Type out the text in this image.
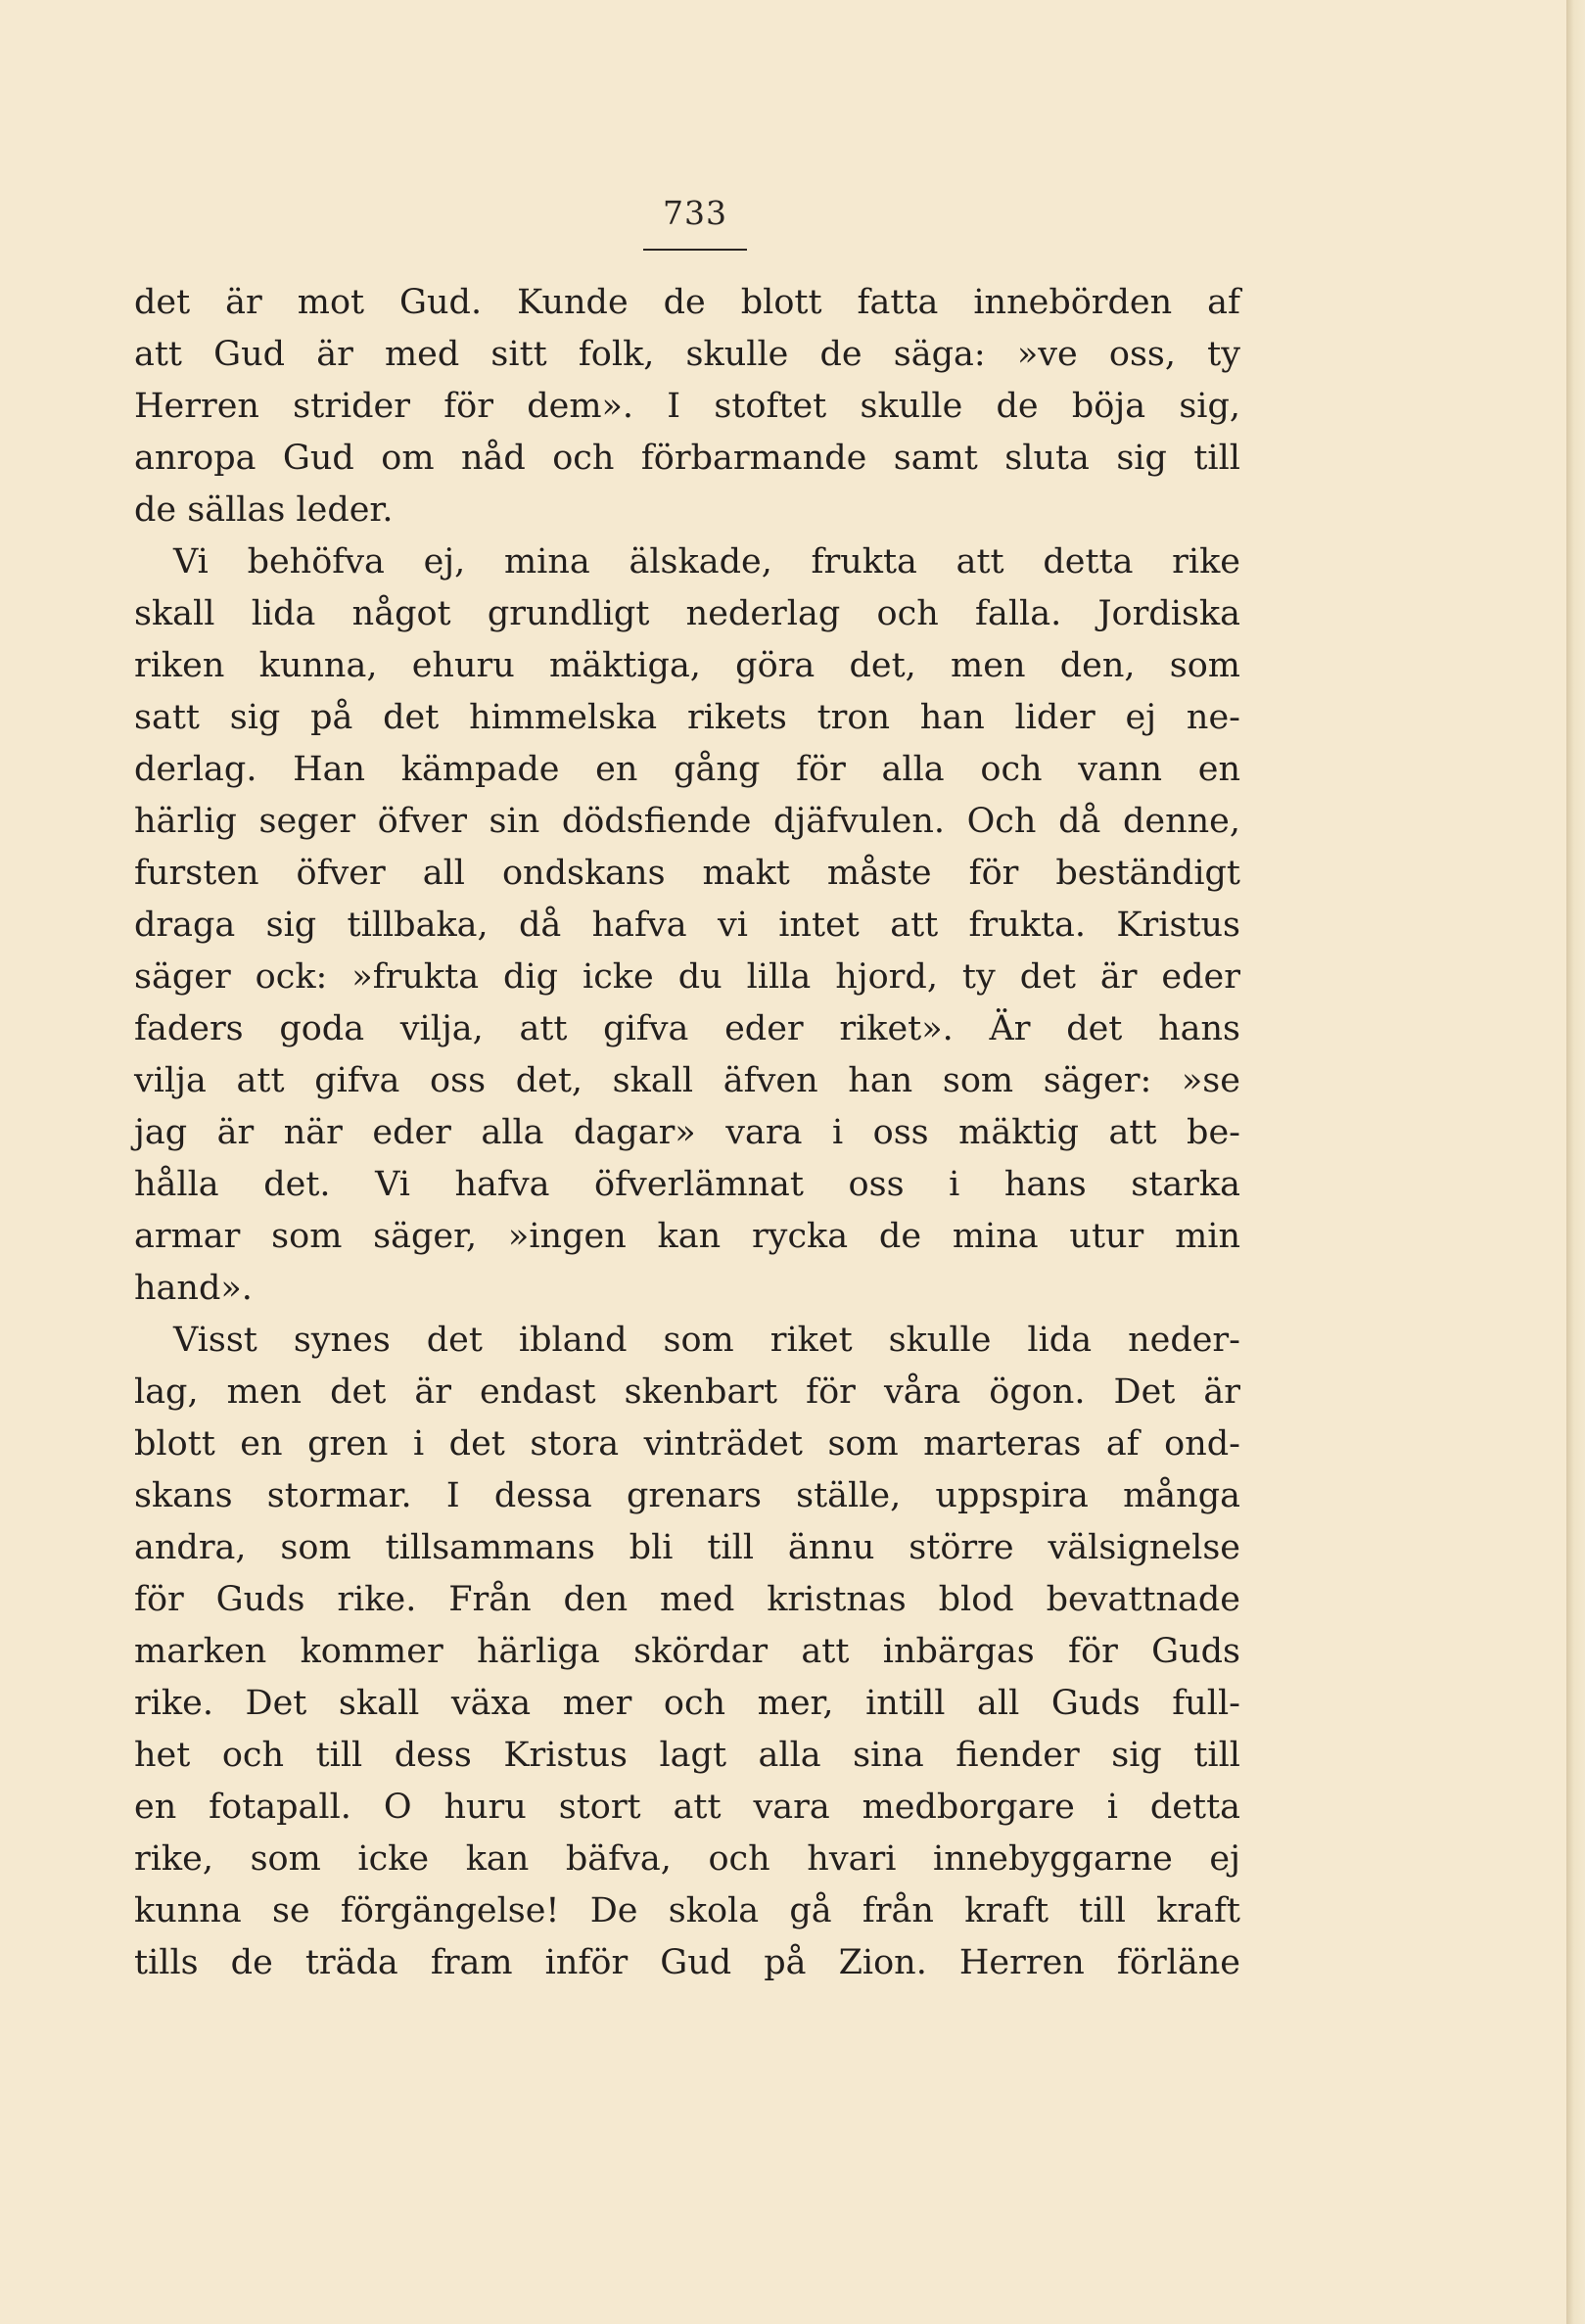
733
det är mot Gud. Kunde de blott fatta innebörden af
att Gud är med sitt folk, skulle de säga: »ve oss, ty
Herren strider för dem». I stoftet skulle de böja sig,
anropa Gud om nåd och förbarmande samt sluta sig till
de sällas leder.
Vi behöfva ej, mina älskade, frukta att detta rike
skall lida något grundligt nederlag och falla. Jordiska
riken kunna, ehuru mäktiga, göra det, men den, som
satt sig på det himmelska rikets tron han lider ej ne-
derlag. Han kämpade en gång för alla och vann en
härlig seger öfver sin dödsfiende djäfvulen. Och då denne,
fursten öfver all ondskans makt måste för beständigt
draga sig tillbaka, då hafva vi intet att frukta. Kristus
säger ock: »frukta dig icke du lilla hjord, ty det är eder
faders goda vilja, att gifva eder riket». Är det hans
vilja att gifva oss det, skall äfven han som säger: »se
jag är när eder alla dagar» vara i oss mäktig att be-
hålla det. Vi hafva öfverlämnat oss i hans starka
armar som säger, »ingen kan rycka de mina utur min
hand».
Visst synes det ibland som riket skulle lida neder-
lag, men det är endast skenbart för våra ögon. Det är
blott en gren i det stora vinträdet som marteras af ond-
skans stormar. I dessa grenars ställe, uppspira många
andra, som tillsammans bli till ännu större välsignelse
för Guds rike. Från den med kristnas blod bevattnade
marken kommer härliga skördar att inbärgas för Guds
rike. Det skall växa mer och mer, intill all Guds full-
het och till dess Kristus lagt alla sina fiender sig till
en fotapall. O huru stort att vara medborgare i detta
rike, som icke kan bäfva, och hvari innebyggarne ej
kunna se förgängelse! De skola gå från kraft till kraft
tills de träda fram inför Gud på Zion. Herren förläne
